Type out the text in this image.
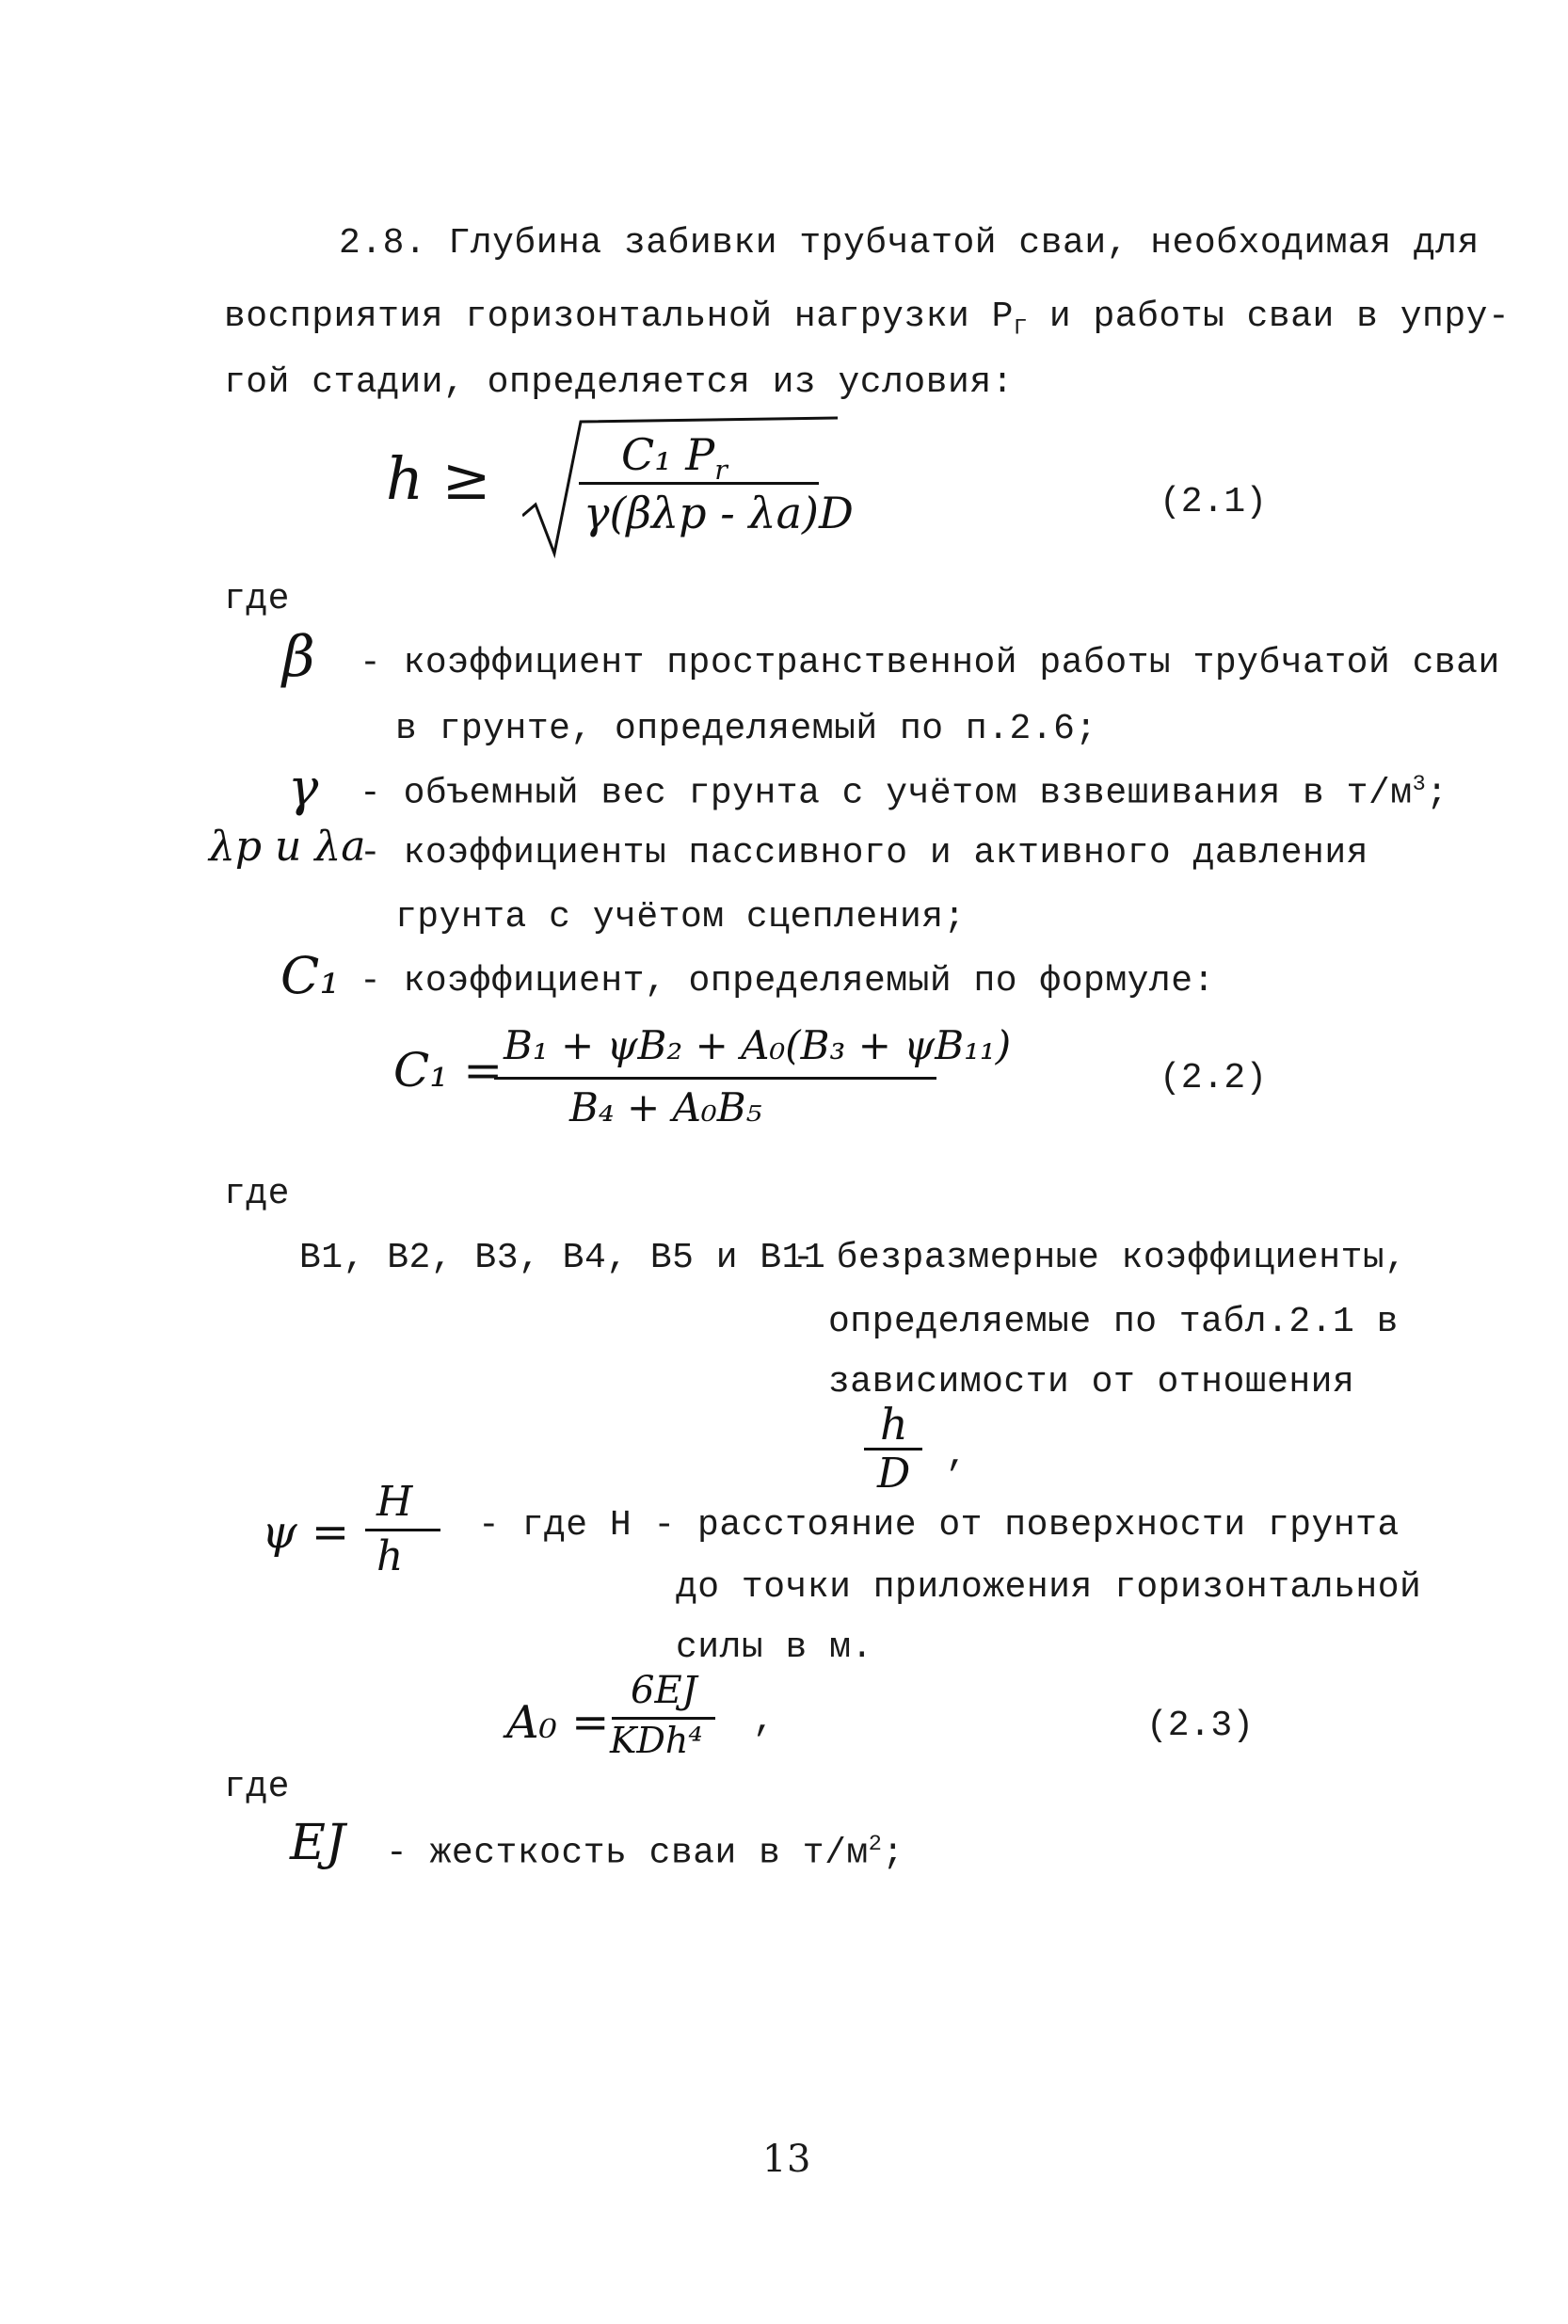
2.8. Глубина забивки трубчатой сваи, необходимая для
восприятия горизонтальной нагрузки $Р_Г$ и работы сваи в упру-
гой стадии, определяется из условия:
h ≥	C₁ $P_r$
γ(βλp - λa)D	(2.1)
где
β - коэффициент пространственной работы трубчатой сваи
в грунте, определяемый по п.2.6;
γ - объемный вес грунта с учётом взвешивания в $т/м^3$;
λp и λa
- коэффициенты пассивного и активного давления
грунта с учётом сцепления;
C₁ - коэффициент, определяемый по формуле:
C₁ = B₁ + ψB₂ + A₀(B₃ + ψB₁₁)
B₄ + A₀B₅
(2.2)
где
В1, В2, В3, В4, В5 и В11
- безразмерные коэффициенты,
определяемые по табл.2.1 в
зависимости от отношения
h
D ,
ψ =
H
h
- где Н - расстояние от поверхности грунта
до точки приложения горизонтальной
силы в м.
A₀ =
6EJ
KDh⁴ ,	(2.3)
где
EJ - жесткость сваи в $т/м^2$;
13
